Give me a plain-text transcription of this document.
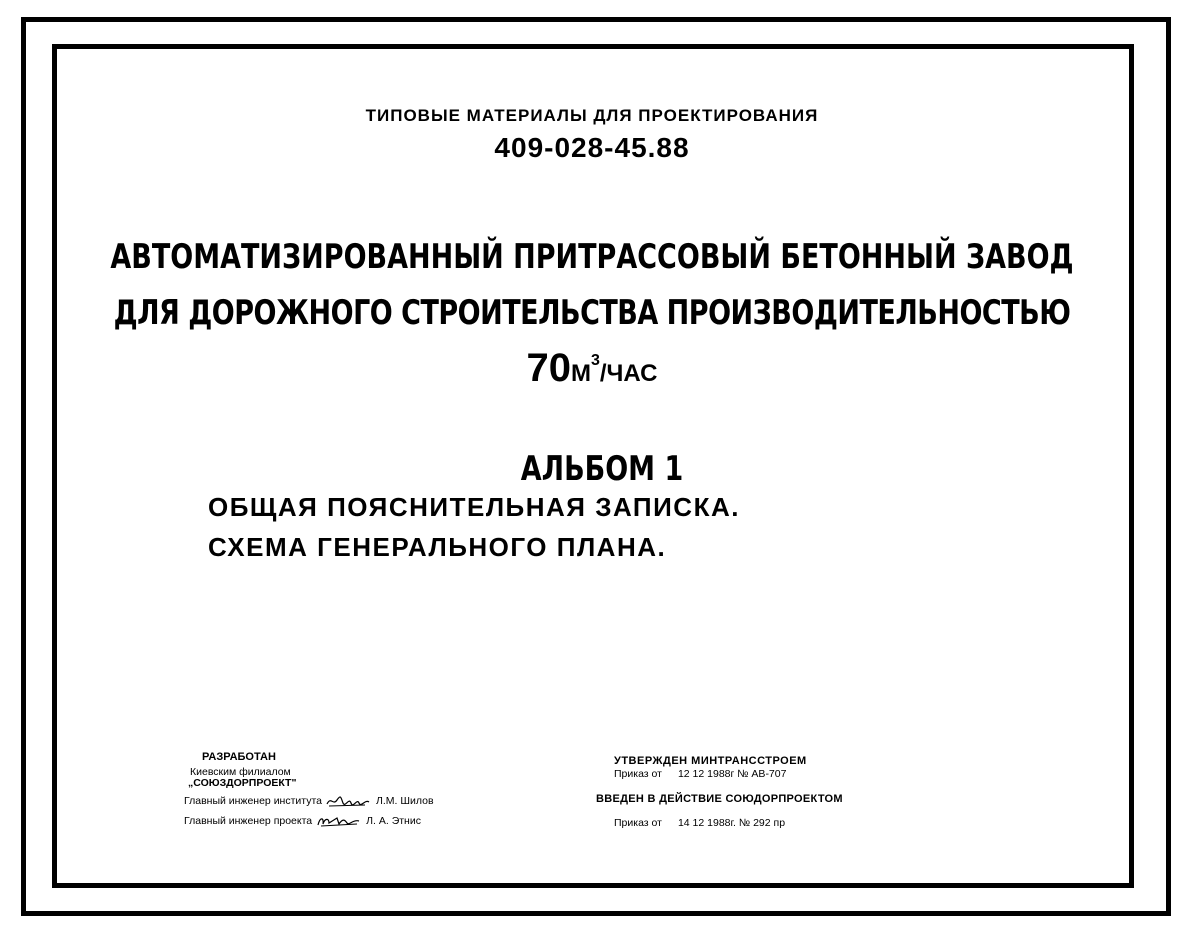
ТИПОВЫЕ МАТЕРИАЛЫ ДЛЯ ПРОЕКТИРОВАНИЯ
409-028-45.88
АВТОМАТИЗИРОВАННЫЙ ПРИТРАССОВЫЙ БЕТОННЫЙ ЗАВОД
ДЛЯ ДОРОЖНОГО СТРОИТЕЛЬСТВА ПРОИЗВОДИТЕЛЬНОСТЬЮ
70М3/ЧАС
АЛЬБОМ 1
ОБЩАЯ ПОЯСНИТЕЛЬНАЯ ЗАПИСКА.
СХЕМА ГЕНЕРАЛЬНОГО ПЛАНА.
РАЗРАБОТАН
Киевским филиалом
„СОЮЗДОРПРОЕКТ"
Главный инженер института	Л.М. Шилов
Главный инженер проекта	Л. А. Этнис
УТВЕРЖДЕН МИНТРАНССТРОЕМ
Приказ от 12 12 1988г № АВ-707
ВВЕДЕН В ДЕЙСТВИЕ СОЮДОРПРОЕКТОМ
Приказ от 14 12 1988г. № 292 пр
